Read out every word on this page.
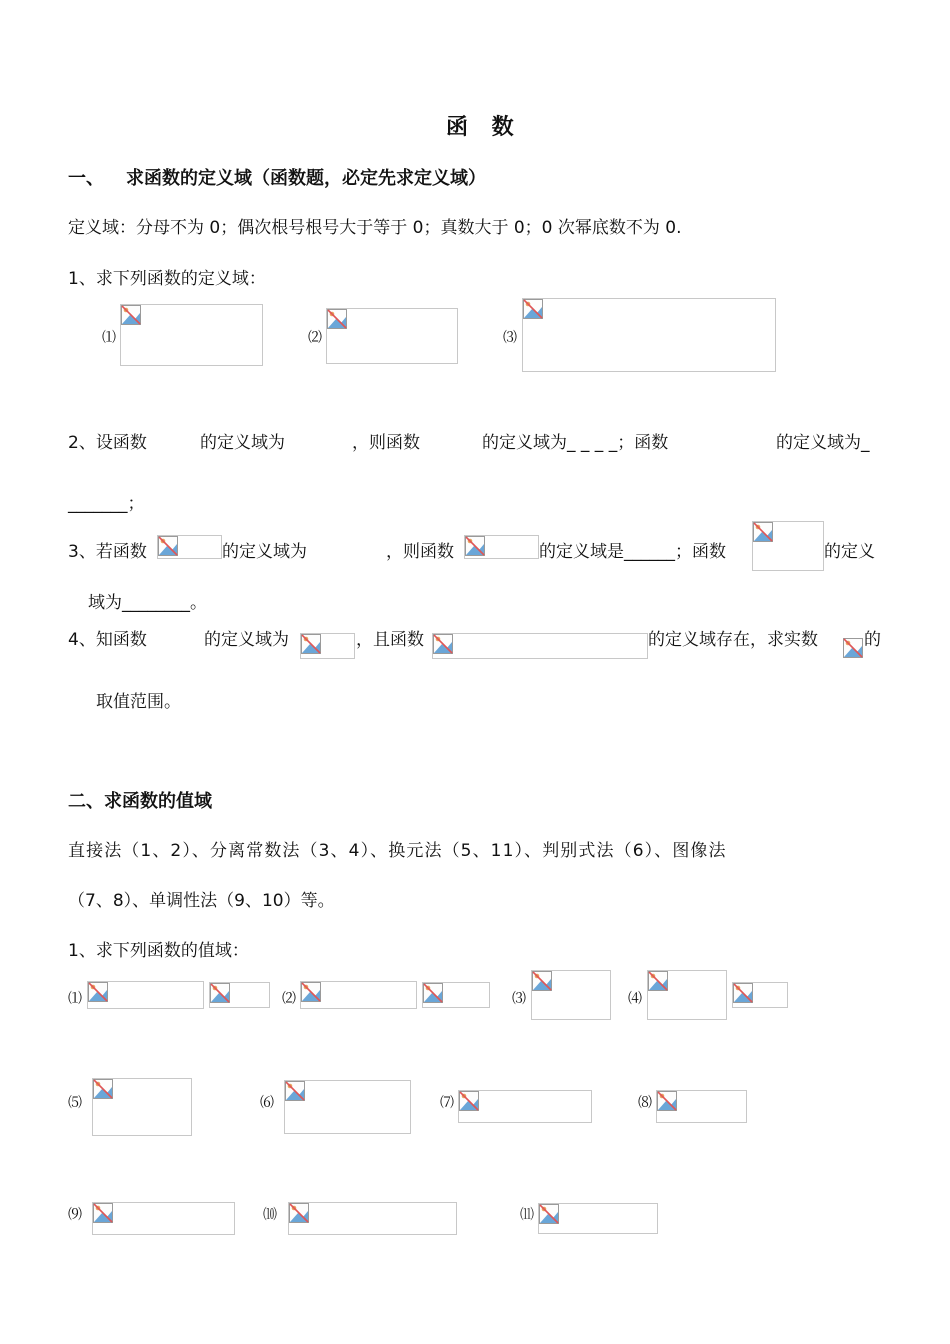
函 数
一、 求函数的定义域（函数题，必定先求定义域）
定义域：分母不为 0；偶次根号根号大于等于 0；真数大于 0；0 次幂底数不为 0.
1、求下列函数的定义域：
⑴	⑵	⑶
2、设函数	的定义域为	，则函数	的定义域为_ _ _ _；函数	的定义域为_
_______；
3、若函数	的定义域为	，则函数	的定义域是______；函数	的定义
域为________。
4、知函数	的定义域为	，且函数	的定义域存在，求实数	的
取值范围。
二、求函数的值域
直接法（1、2）、分离常数法（3、4）、换元法（5、11）、判别式法（6）、图像法
（7、8）、单调性法（9、10）等。
1、求下列函数的值域：
⑴	⑵	⑶	⑷
⑸	⑹	⑺	⑻
⑼	⑽	⑾
